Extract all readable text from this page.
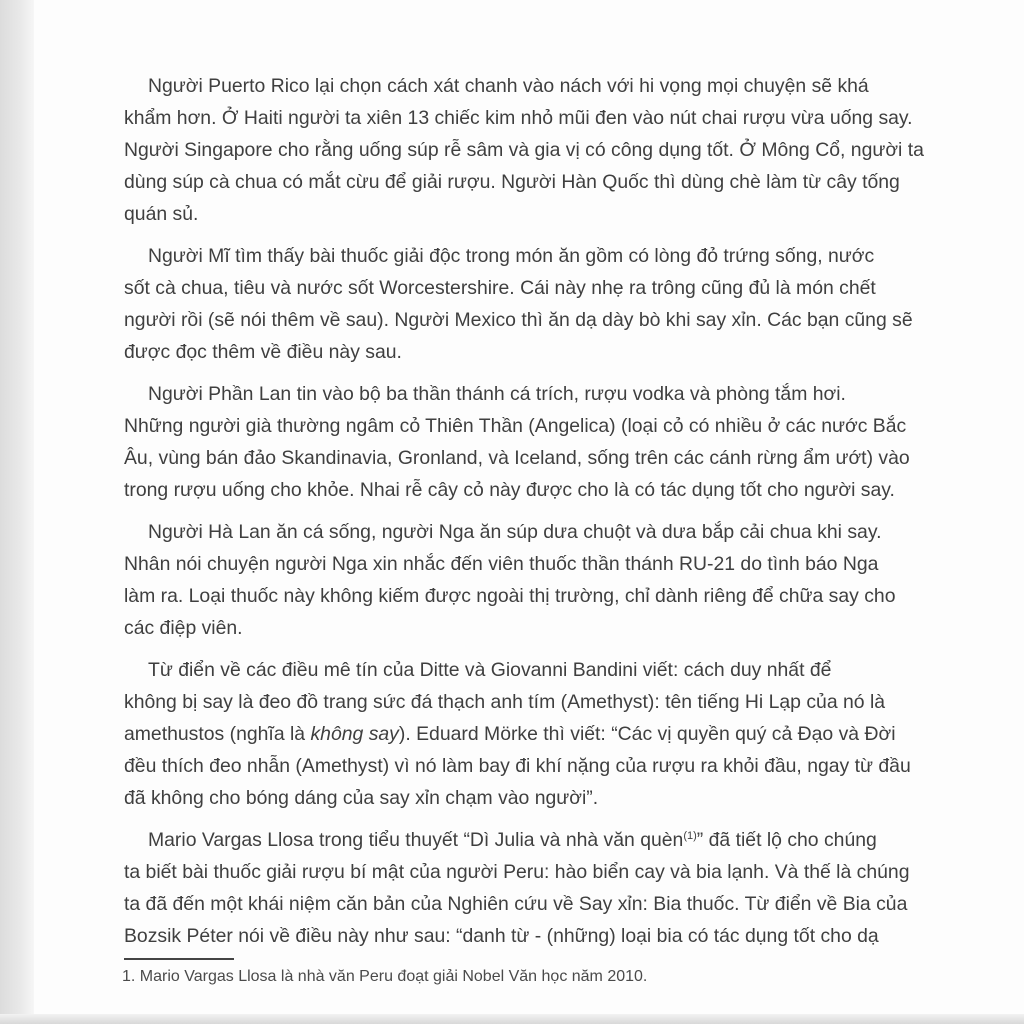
Người Puerto Rico lại chọn cách xát chanh vào nách với hi vọng mọi chuyện sẽ khá
khẩm hơn. Ở Haiti người ta xiên 13 chiếc kim nhỏ mũi đen vào nút chai rượu vừa uống say.
Người Singapore cho rằng uống súp rễ sâm và gia vị có công dụng tốt. Ở Mông Cổ, người ta
dùng súp cà chua có mắt cừu để giải rượu. Người Hàn Quốc thì dùng chè làm từ cây tống
quán sủ.

Người Mĩ tìm thấy bài thuốc giải độc trong món ăn gồm có lòng đỏ trứng sống, nước
sốt cà chua, tiêu và nước sốt Worcestershire. Cái này nhẹ ra trông cũng đủ là món chết
người rồi (sẽ nói thêm về sau). Người Mexico thì ăn dạ dày bò khi say xỉn. Các bạn cũng sẽ
được đọc thêm về điều này sau.

Người Phần Lan tin vào bộ ba thần thánh cá trích, rượu vodka và phòng tắm hơi.
Những người già thường ngâm cỏ Thiên Thần (Angelica) (loại cỏ có nhiều ở các nước Bắc
Âu, vùng bán đảo Skandinavia, Gronland, và Iceland, sống trên các cánh rừng ẩm ướt) vào
trong rượu uống cho khỏe. Nhai rễ cây cỏ này được cho là có tác dụng tốt cho người say.

Người Hà Lan ăn cá sống, người Nga ăn súp dưa chuột và dưa bắp cải chua khi say.
Nhân nói chuyện người Nga xin nhắc đến viên thuốc thần thánh RU-21 do tình báo Nga
làm ra. Loại thuốc này không kiếm được ngoài thị trường, chỉ dành riêng để chữa say cho
các điệp viên.

Từ điển về các điều mê tín của Ditte và Giovanni Bandini viết: cách duy nhất để
không bị say là đeo đồ trang sức đá thạch anh tím (Amethyst): tên tiếng Hi Lạp của nó là
amethustos (nghĩa là không say). Eduard Mörke thì viết: “Các vị quyền quý cả Đạo và Đời
đều thích đeo nhẫn (Amethyst) vì nó làm bay đi khí nặng của rượu ra khỏi đầu, ngay từ đầu
đã không cho bóng dáng của say xỉn chạm vào người”.

Mario Vargas Llosa trong tiểu thuyết “Dì Julia và nhà văn quèn$^{(1)}$” đã tiết lộ cho chúng
ta biết bài thuốc giải rượu bí mật của người Peru: hào biển cay và bia lạnh. Và thế là chúng
ta đã đến một khái niệm căn bản của Nghiên cứu về Say xỉn: Bia thuốc. Từ điển về Bia của
Bozsik Péter nói về điều này như sau: “danh từ - (những) loại bia có tác dụng tốt cho dạ

1. Mario Vargas Llosa là nhà văn Peru đoạt giải Nobel Văn học năm 2010.
